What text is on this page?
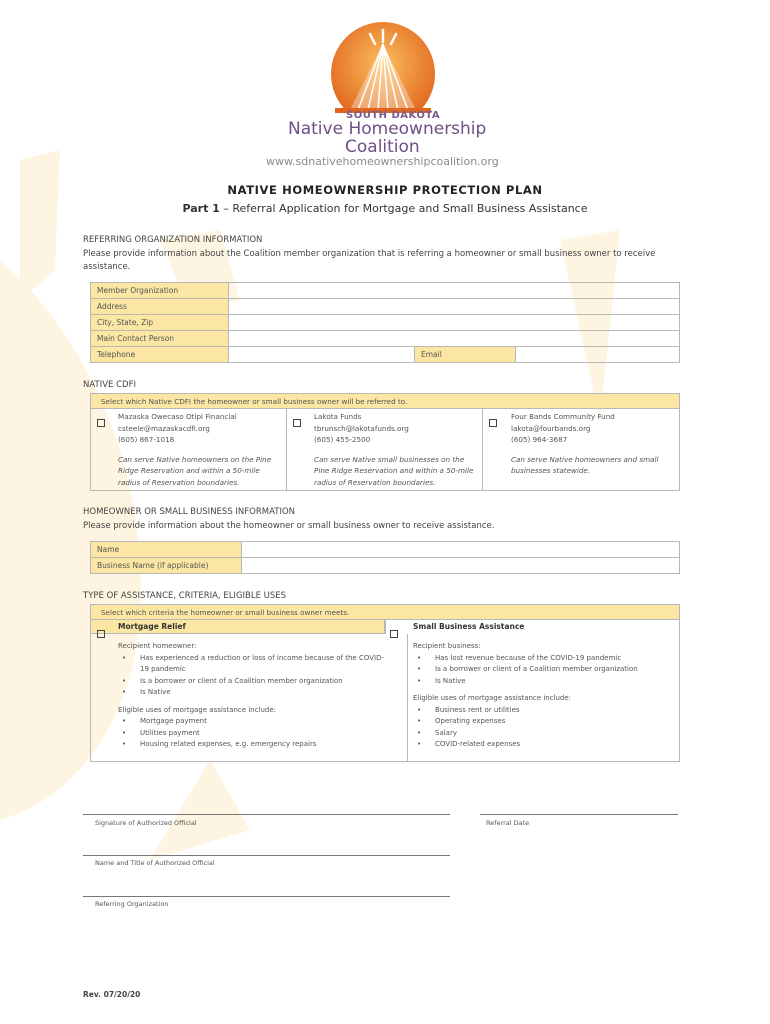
SOUTH DAKOTA
Native Homeownership
Coalition
www.sdnativehomeownershipcoalition.org
NATIVE HOMEOWNERSHIP PROTECTION PLAN
Part 1 – Referral Application for Mortgage and Small Business Assistance
REFERRING ORGANIZATION INFORMATION
Please provide information about the Coalition member organization that is referring a homeowner or small business owner to receive assistance.
Member Organization			
Address			
City, State, Zip			
Main Contact Person			
Telephone		Email	
NATIVE CDFI
Select which Native CDFI the homeowner or small business owner will be referred to.
Mazaska Owecaso Otipi Financial
csteele@mazaskacdfi.org
(605) 867-1018
Can serve Native homeowners on the Pine Ridge Reservation and within a 50-mile radius of Reservation boundaries.
Lakota Funds
tbrunsch@lakotafunds.org
(605) 455-2500
Can serve Native small businesses on the Pine Ridge Reservation and within a 50-mile radius of Reservation boundaries.
Four Bands Community Fund
lakota@fourbands.org
(605) 964-3687
Can serve Native homeowners and small businesses statewide.
HOMEOWNER OR SMALL BUSINESS INFORMATION
Please provide information about the homeowner or small business owner to receive assistance.
Name	
Business Name (if applicable)	
TYPE OF ASSISTANCE, CRITERIA, ELIGIBLE USES
Select which criteria the homeowner or small business owner meets.
Mortgage Relief	Small Business Assistance
Recipient homeowner:
• Has experienced a reduction or loss of income because of the COVID-19 pandemic
• Is a borrower or client of a Coalition member organization
• Is Native
Eligible uses of mortgage assistance include:
• Mortgage payment
• Utilities payment
• Housing related expenses, e.g. emergency repairs
Recipient business:
• Has lost revenue because of the COVID-19 pandemic
• Is a borrower or client of a Coalition member organization
• Is Native
Eligible uses of mortgage assistance include:
• Business rent or utilities
• Operating expenses
• Salary
• COVID-related expenses
Signature of Authorized Official	Referral Date
Name and Title of Authorized Official
Referring Organization
Rev. 07/20/20
